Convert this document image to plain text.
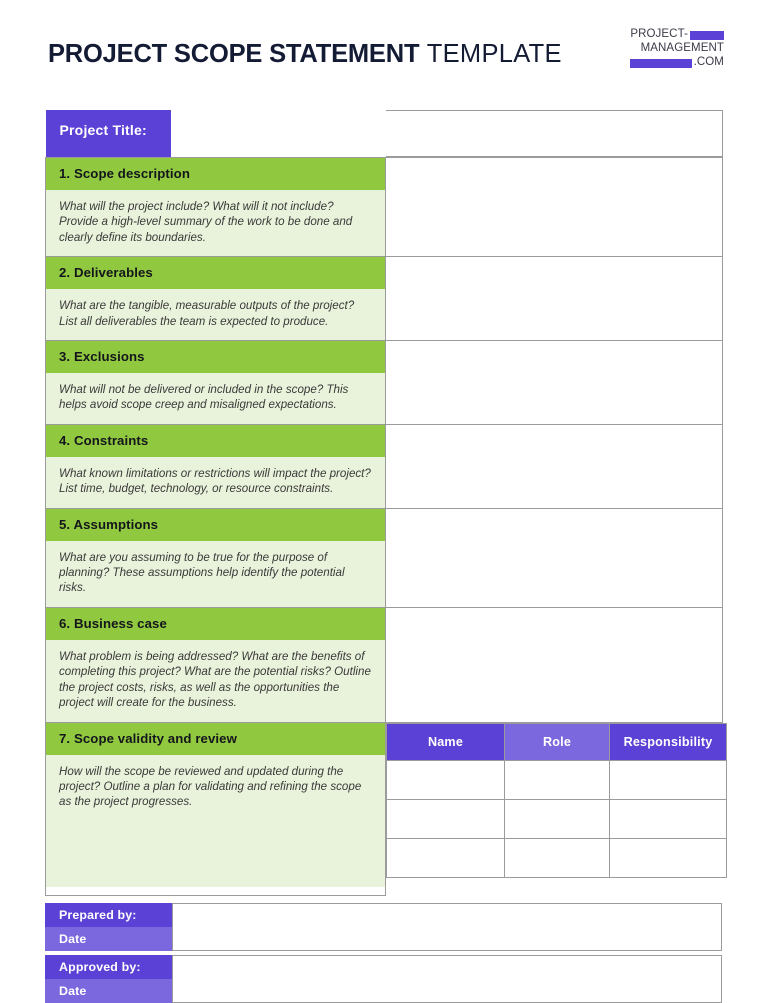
PROJECT SCOPE STATEMENT TEMPLATE
PROJECT-
MANAGEMENT
.COM
Project Title:

1. Scope description

What will the project include? What will it not include? Provide a high-level summary of the work to be done and clearly define its boundaries.

2. Deliverables

What are the tangible, measurable outputs of the project? List all deliverables the team is expected to produce.

3. Exclusions

What will not be delivered or included in the scope? This helps avoid scope creep and misaligned expectations.

4. Constraints

What known limitations or restrictions will impact the project? List time, budget, technology, or resource constraints.

5. Assumptions

What are you assuming to be true for the purpose of planning? These assumptions help identify the potential risks.

6. Business case

What problem is being addressed? What are the benefits of completing this project? What are the potential risks? Outline the project costs, risks, as well as the opportunities the project will create for the business.

7. Scope validity and review

How will the scope be reviewed and updated during the project? Outline a plan for validating and refining the scope as the project progresses.

Name	Role	Responsibility

Prepared by:
Date	

Approved by:
Date	
